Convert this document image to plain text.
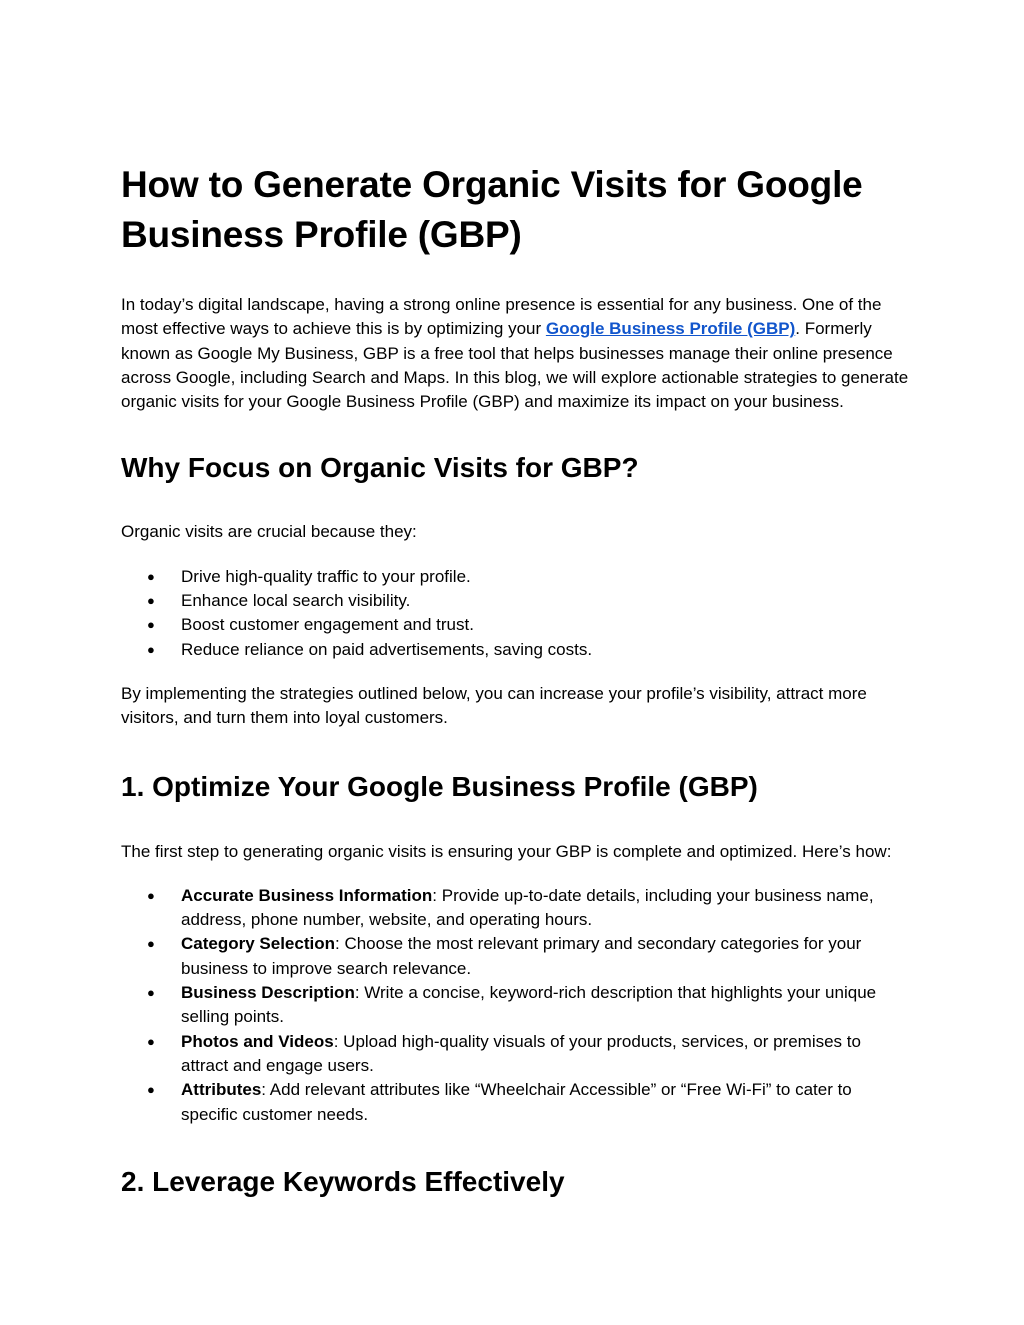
How to Generate Organic Visits for Google Business Profile (GBP)

In today’s digital landscape, having a strong online presence is essential for any business. One of the most effective ways to achieve this is by optimizing your Google Business Profile (GBP). Formerly known as Google My Business, GBP is a free tool that helps businesses manage their online presence across Google, including Search and Maps. In this blog, we will explore actionable strategies to generate organic visits for your Google Business Profile (GBP) and maximize its impact on your business.

Why Focus on Organic Visits for GBP?

Organic visits are crucial because they:

● Drive high-quality traffic to your profile.
● Enhance local search visibility.
● Boost customer engagement and trust.
● Reduce reliance on paid advertisements, saving costs.

By implementing the strategies outlined below, you can increase your profile’s visibility, attract more visitors, and turn them into loyal customers.

1. Optimize Your Google Business Profile (GBP)

The first step to generating organic visits is ensuring your GBP is complete and optimized. Here’s how:

● Accurate Business Information: Provide up-to-date details, including your business name, address, phone number, website, and operating hours.
● Category Selection: Choose the most relevant primary and secondary categories for your business to improve search relevance.
● Business Description: Write a concise, keyword-rich description that highlights your unique selling points.
● Photos and Videos: Upload high-quality visuals of your products, services, or premises to attract and engage users.
● Attributes: Add relevant attributes like “Wheelchair Accessible” or “Free Wi-Fi” to cater to specific customer needs.
2. Leverage Keywords Effectively
